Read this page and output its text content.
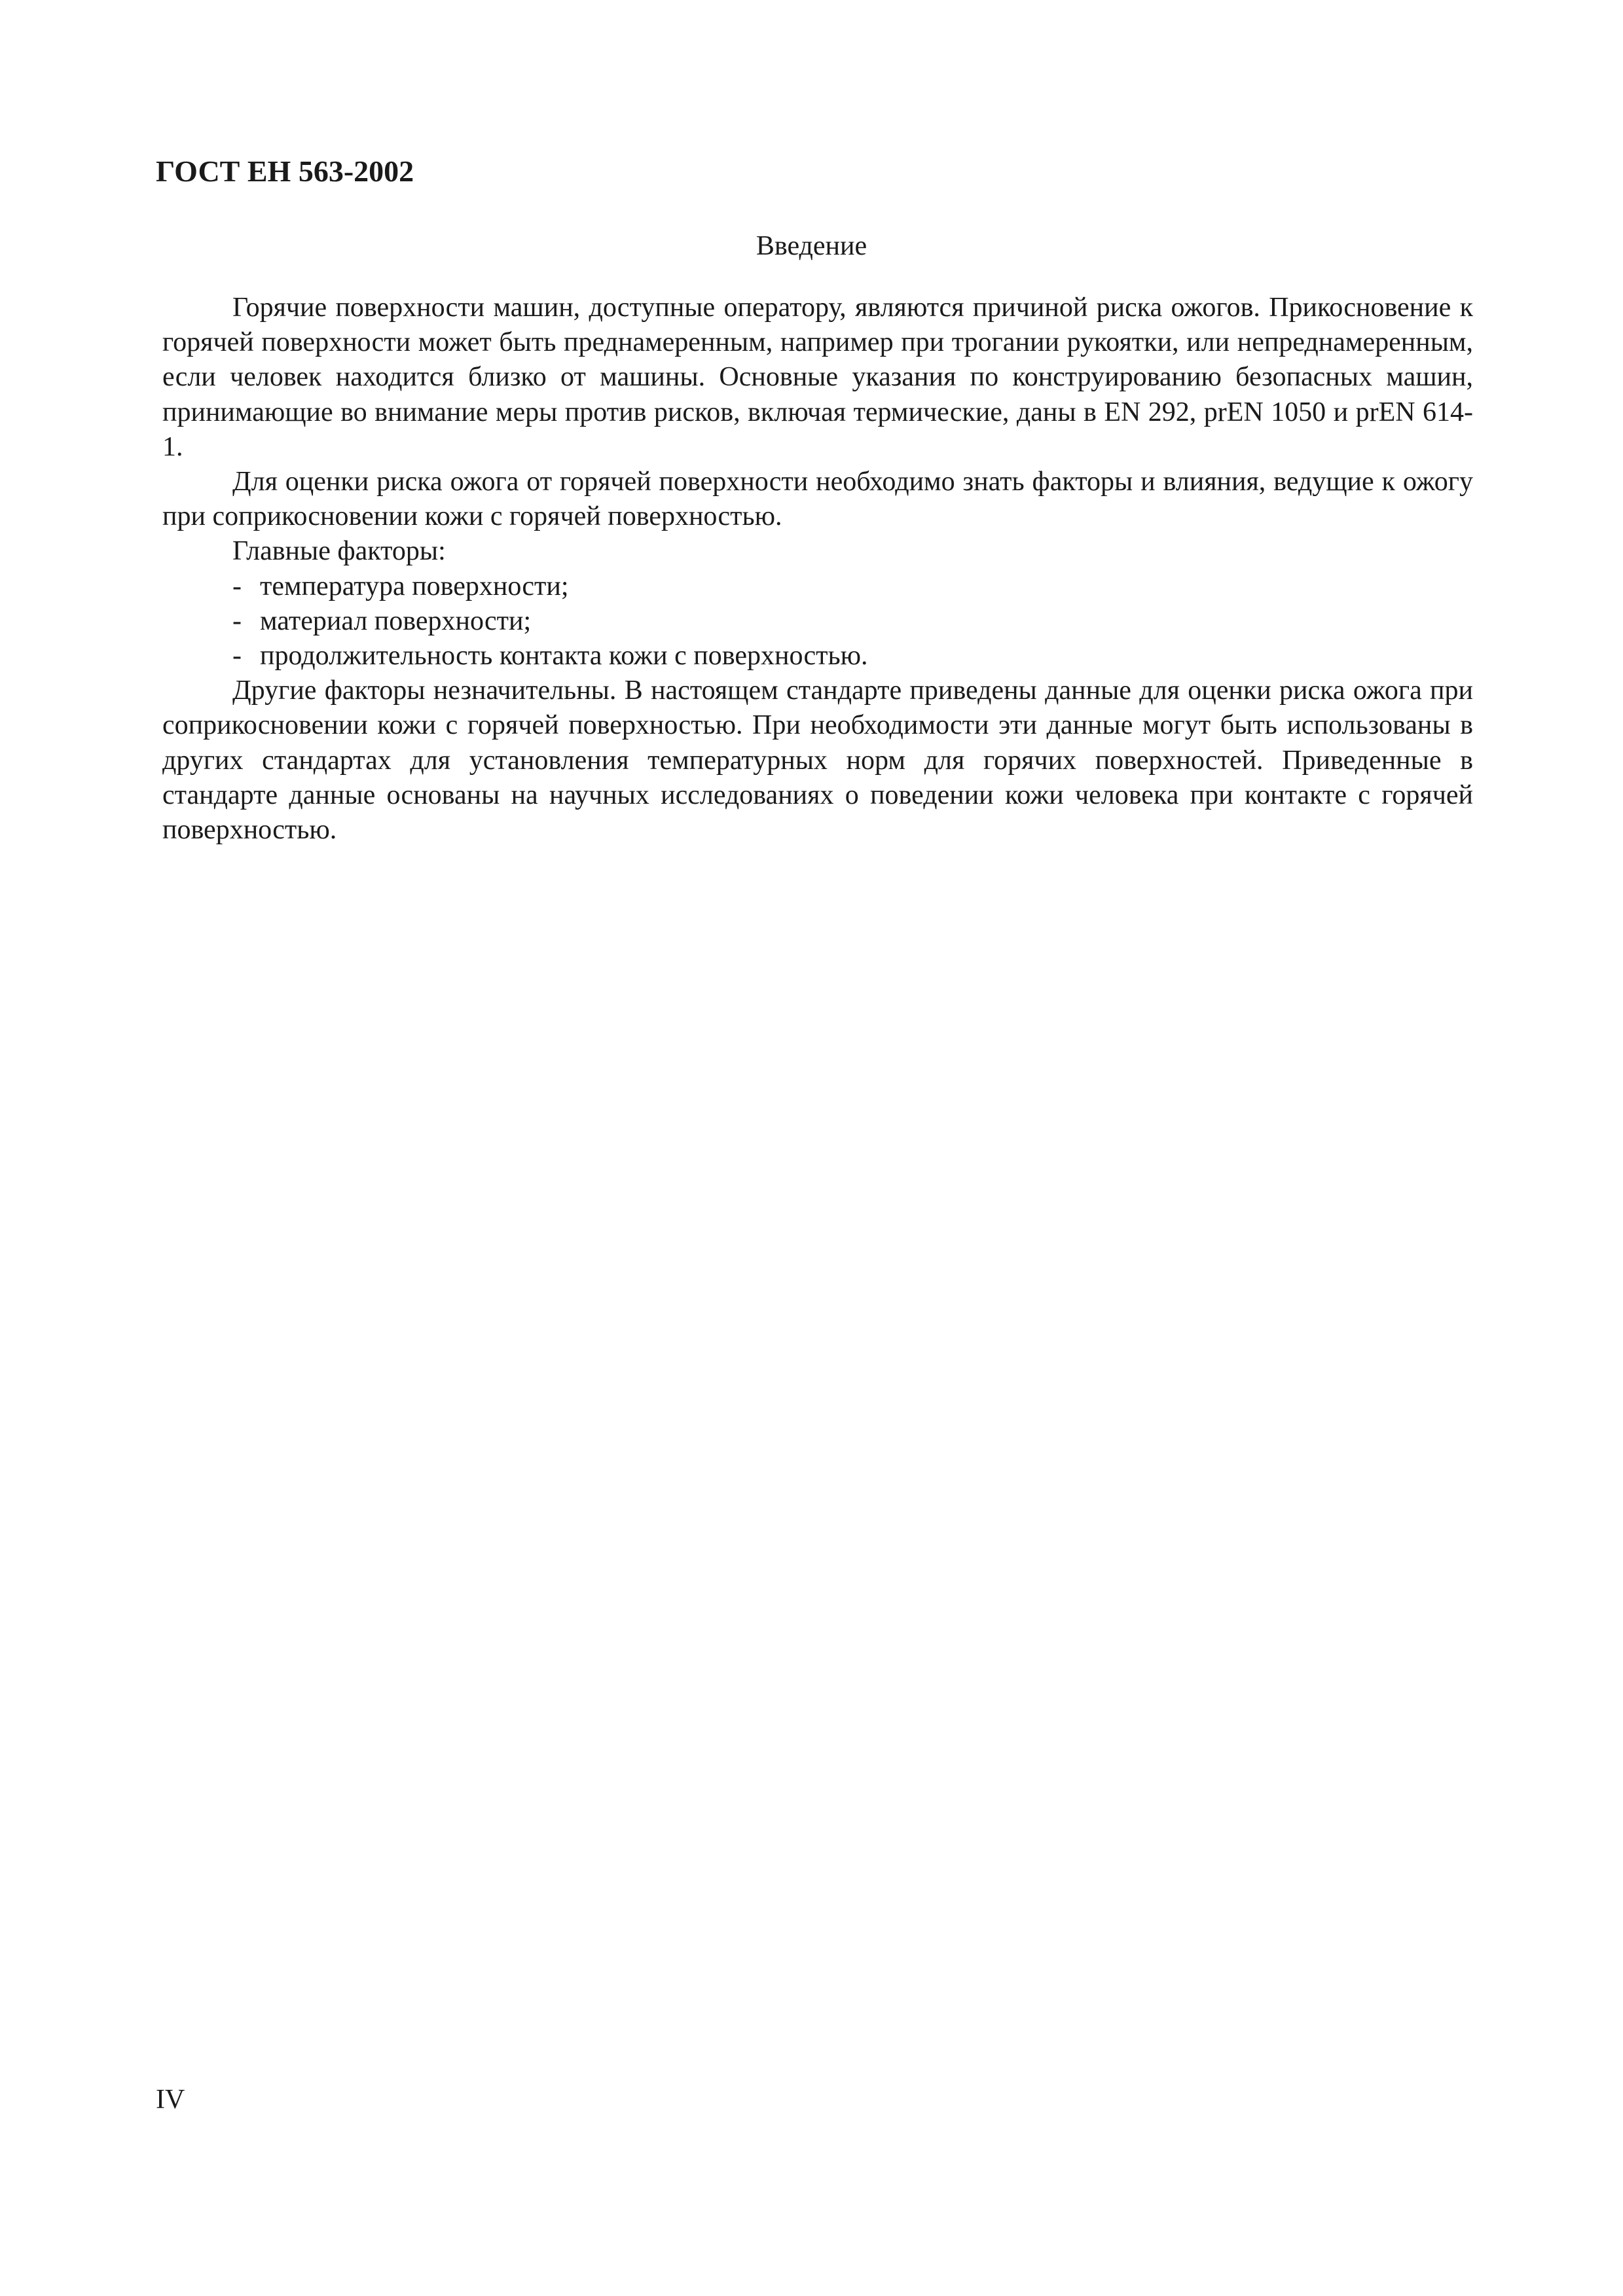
ГОСТ ЕН 563-2002
Введение

Горячие поверхности машин, доступные оператору, являются причиной риска ожогов. Прикосновение к горячей поверхности может быть преднамеренным, например при трогании рукоятки, или непреднамеренным, если человек находится близко от машины. Основные указания по конструированию безопасных машин, принимающие во внимание меры против рисков, включая термические, даны в EN 292, prEN 1050 и prEN 614-1.

Для оценки риска ожога от горячей поверхности необходимо знать факторы и влияния, ведущие к ожогу при соприкосновении кожи с горячей поверхностью.

Главные факторы:

- температура поверхности;
- материал поверхности;
- продолжительность контакта кожи с поверхностью.

Другие факторы незначительны. В настоящем стандарте приведены данные для оценки риска ожога при соприкосновении кожи с горячей поверхностью. При необходимости эти данные могут быть использованы в других стандартах для установления температурных норм для горячих поверхностей. Приведенные в стандарте данные основаны на научных исследованиях о поведении кожи человека при контакте с горячей поверхностью.

IV
